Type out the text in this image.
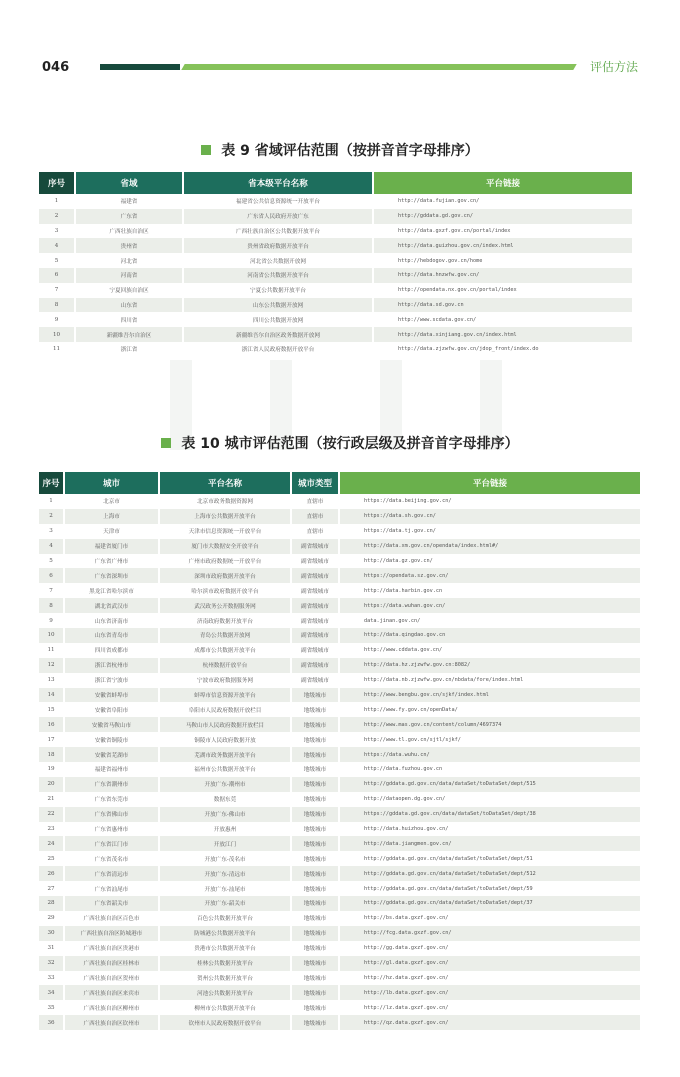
046	评估方法
表 9 省域评估范围（按拼音首字母排序）
序号	省域	省本级平台名称	平台链接
1	福建省	福建省公共信息资源统一开放平台	http://data.fujian.gov.cn/
2	广东省	广东省人民政府开放广东	http://gddata.gd.gov.cn/
3	广西壮族自治区	广西壮族自治区公共数据开放平台	http://data.gxzf.gov.cn/portal/index
4	贵州省	贵州省政府数据开放平台	http://data.guizhou.gov.cn/index.html
5	河北省	河北省公共数据开放网	http://hebdogov.gov.cn/home
6	河南省	河南省公共数据开放平台	http://data.hnzwfw.gov.cn/
7	宁夏回族自治区	宁夏公共数据开放平台	http://opendata.nx.gov.cn/portal/index
8	山东省	山东公共数据开放网	http://data.sd.gov.cn
9	四川省	四川公共数据开放网	http://www.scdata.gov.cn/
10	新疆维吾尔自治区	新疆维吾尔自治区政务数据开放网	http://data.xinjiang.gov.cn/index.html
11	浙江省	浙江省人民政府数据开放平台	http://data.zjzwfw.gov.cn/jdop_front/index.do
表 10 城市评估范围（按行政层级及拼音首字母排序）
序号	城市	平台名称	城市类型	平台链接
1	北京市	北京市政务数据资源网	直辖市	https://data.beijing.gov.cn/
2	上海市	上海市公共数据开放平台	直辖市	https://data.sh.gov.cn/
3	天津市	天津市信息资源统一开放平台	直辖市	https://data.tj.gov.cn/
4	福建省厦门市	厦门市大数据安全开放平台	副省级城市	http://data.xm.gov.cn/opendata/index.html#/
5	广东省广州市	广州市政府数据统一开放平台	副省级城市	http://data.gz.gov.cn/
6	广东省深圳市	深圳市政府数据开放平台	副省级城市	https://opendata.sz.gov.cn/
7	黑龙江省哈尔滨市	哈尔滨市政府数据开放平台	副省级城市	http://data.harbin.gov.cn
8	湖北省武汉市	武汉政务公开数据服务网	副省级城市	https://data.wuhan.gov.cn/
9	山东省济南市	济南政府数据开放平台	副省级城市	data.jinan.gov.cn/
10	山东省青岛市	青岛公共数据开放网	副省级城市	http://data.qingdao.gov.cn
11	四川省成都市	成都市公共数据开放平台	副省级城市	http://www.cddata.gov.cn/
12	浙江省杭州市	杭州数据开放平台	副省级城市	http://data.hz.zjzwfw.gov.cn:8082/
13	浙江省宁波市	宁波市政府数据服务网	副省级城市	http://data.nb.zjzwfw.gov.cn/nbdata/fore/index.html
14	安徽省蚌埠市	蚌埠市信息资源开放平台	地级城市	http://www.bengbu.gov.cn/sjkf/index.html
15	安徽省阜阳市	阜阳市人民政府数据开放栏目	地级城市	http://www.fy.gov.cn/openData/
16	安徽省马鞍山市	马鞍山市人民政府数据开放栏目	地级城市	http://www.mas.gov.cn/content/column/4697374
17	安徽省铜陵市	铜陵市人民政府数据开放	地级城市	http://www.tl.gov.cn/sjtl/sjkf/
18	安徽省芜湖市	芜湖市政务数据开放平台	地级城市	https://data.wuhu.cn/
19	福建省福州市	福州市公共数据开放平台	地级城市	http://data.fuzhou.gov.cn
20	广东省潮州市	开放广东-潮州市	地级城市	http://gddata.gd.gov.cn/data/dataSet/toDataSet/dept/515
21	广东省东莞市	数据东莞	地级城市	http://dataopen.dg.gov.cn/
22	广东省佛山市	开放广东-佛山市	地级城市	https://gddata.gd.gov.cn/data/dataSet/toDataSet/dept/38
23	广东省惠州市	开放惠州	地级城市	http://data.huizhou.gov.cn/
24	广东省江门市	开放江门	地级城市	http://data.jiangmen.gov.cn/
25	广东省茂名市	开放广东-茂名市	地级城市	http://gddata.gd.gov.cn/data/dataSet/toDataSet/dept/51
26	广东省清远市	开放广东-清远市	地级城市	http://gddata.gd.gov.cn/data/dataSet/toDataSet/dept/512
27	广东省汕尾市	开放广东-汕尾市	地级城市	http://gddata.gd.gov.cn/data/dataSet/toDataSet/dept/59
28	广东省韶关市	开放广东-韶关市	地级城市	http://gddata.gd.gov.cn/data/dataSet/toDataSet/dept/37
29	广西壮族自治区百色市	百色公共数据开放平台	地级城市	http://bs.data.gxzf.gov.cn/
30	广西壮族自治区防城港市	防城港公共数据开放平台	地级城市	http://fcg.data.gxzf.gov.cn/
31	广西壮族自治区贵港市	贵港市公共数据开放平台	地级城市	http://gg.data.gxzf.gov.cn/
32	广西壮族自治区桂林市	桂林公共数据开放平台	地级城市	http://gl.data.gxzf.gov.cn/
33	广西壮族自治区贺州市	贺州公共数据开放平台	地级城市	http://hz.data.gxzf.gov.cn/
34	广西壮族自治区来宾市	河池公共数据开放平台	地级城市	http://lb.data.gxzf.gov.cn/
35	广西壮族自治区柳州市	柳州市公共数据开放平台	地级城市	http://lz.data.gxzf.gov.cn/
36	广西壮族自治区钦州市	钦州市人民政府数据开放平台	地级城市	http://qz.data.gxzf.gov.cn/
